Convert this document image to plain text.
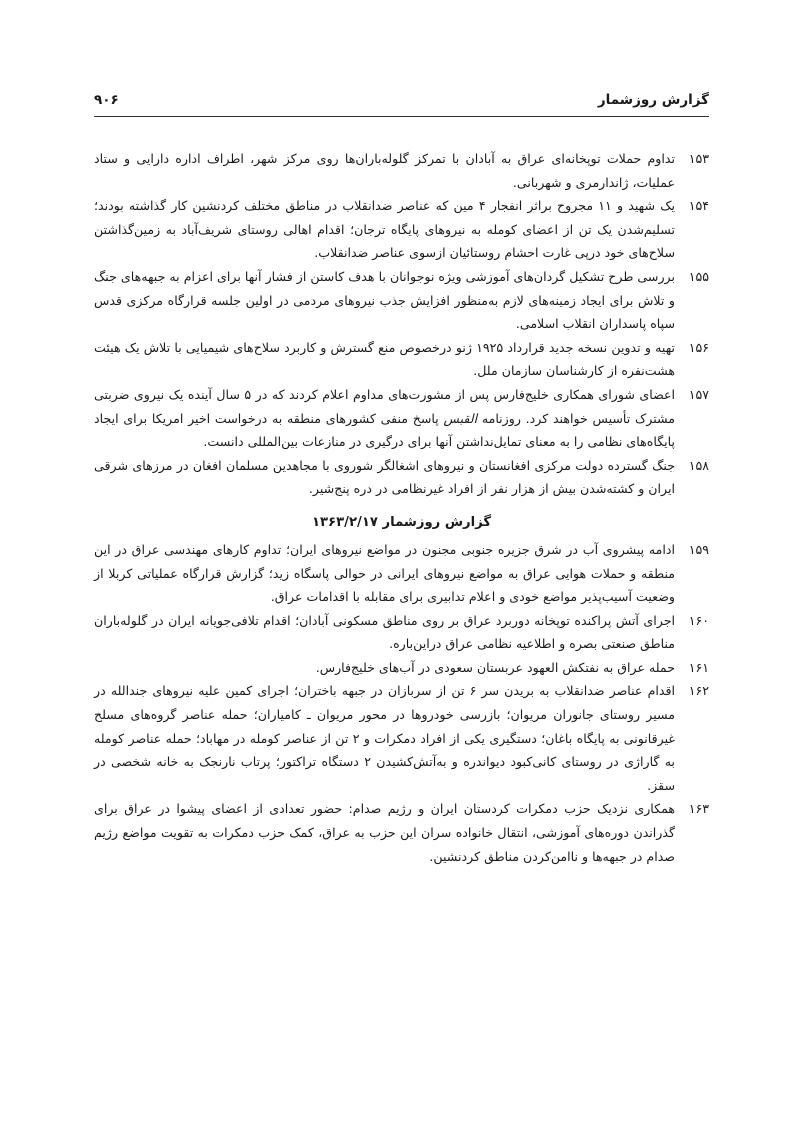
گزارش روزشمار
۹۰۶

۱۵۳
تداوم حملات توپخانه‌ای عراق به آبادان با تمرکز گلوله‌باران‌ها روی مرکز شهر، اطراف اداره دارایی و ستاد عملیات، ژاندارمری و شهربانی.

۱۵۴
یک شهید و ۱۱ مجروح براثر انفجار ۴ مین که عناصر ضدانقلاب در مناطق مختلف کردنشین کار گذاشته بودند؛ تسلیم‌شدن یک تن از اعضای کومله به نیروهای پایگاه ترجان؛ اقدام اهالی روستای شریف‌آباد به زمین‌گذاشتن سلاح‌های خود درپی غارت احشام روستائیان ازسوی عناصر ضدانقلاب.

۱۵۵
بررسی طرح تشکیل گردان‌های آموزشی ویژه نوجوانان با هدف کاستن از فشار آنها برای اعزام به جبهه‌های جنگ و تلاش برای ایجاد زمینه‌های لازم به‌منظور افزایش جذب نیروهای مردمی در اولین جلسه قرارگاه مرکزی قدس سپاه پاسداران انقلاب اسلامی.

۱۵۶
تهیه و تدوین نسخه جدید قرارداد ۱۹۲۵ ژنو درخصوص منع گسترش و کاربرد سلاح‌های شیمیایی با تلاش یک هیئت هشت‌نفره از کارشناسان سازمان ملل.

۱۵۷
اعضای شورای همکاری خلیج‌فارس پس از مشورت‌های مداوم اعلام کردند که در ۵ سال آینده یک نیروی ضربتی مشترک تأسیس خواهند کرد. روزنامه القبس پاسخ منفی کشورهای منطقه به درخواست اخیر امریکا برای ایجاد پایگاه‌های نظامی را به معنای تمایل‌نداشتن آنها برای درگیری در منازعات بین‌المللی دانست.

۱۵۸
جنگ گسترده دولت مرکزی افغانستان و نیروهای اشغالگر شوروی با مجاهدین مسلمان افغان در مرزهای شرقی ایران و کشته‌شدن بیش از هزار نفر از افراد غیرنظامی در دره پنج‌شیر.

گزارش روزشمار ۱۳۶۳/۲/۱۷

۱۵۹
ادامه پیشروی آب در شرق جزیره جنوبی مجنون در مواضع نیروهای ایران؛ تداوم کارهای مهندسی عراق در این منطقه و حملات هوایی عراق به مواضع نیروهای ایرانی در حوالی پاسگاه زید؛ گزارش قرارگاه عملیاتی کربلا از وضعیت آسیب‌پذیر مواضع خودی و اعلام تدابیری برای مقابله با اقدامات عراق.

۱۶۰
اجرای آتش پراکنده توپخانه دوربرد عراق بر روی مناطق مسکونی آبادان؛ اقدام تلافی‌جویانه ایران در گلوله‌باران مناطق صنعتی بصره و اطلاعیه نظامی عراق دراین‌باره.

۱۶۱
حمله عراق به نفتکش العهود عربستان سعودی در آب‌های خلیج‌فارس.

۱۶۲
اقدام عناصر ضدانقلاب به بریدن سر ۶ تن از سربازان در جبهه باختران؛ اجرای کمین علیه نیروهای جندالله در مسیر روستای جانوران مریوان؛ بازرسی خودروها در محور مریوان ـ کامیاران؛ حمله عناصر گروه‌های مسلح غیرقانونی به پایگاه باغان؛ دستگیری یکی از افراد دمکرات و ۲ تن از عناصر کومله در مهاباد؛ حمله عناصر کومله به گاراژی در روستای کانی‌کبود دیواندره و به‌آتش‌کشیدن ۲ دستگاه تراکتور؛ پرتاب نارنجک به خانه شخصی در سقز.

۱۶۳
همکاری نزدیک حزب دمکرات کردستان ایران و رژیم صدام: حضور تعدادی از اعضای پیشوا در عراق برای گذراندن دوره‌های آموزشی، انتقال خانواده سران این حزب به عراق، کمک حزب دمکرات به تقویت مواضع رژیم صدام در جبهه‌ها و ناامن‌کردن مناطق کردنشین.
